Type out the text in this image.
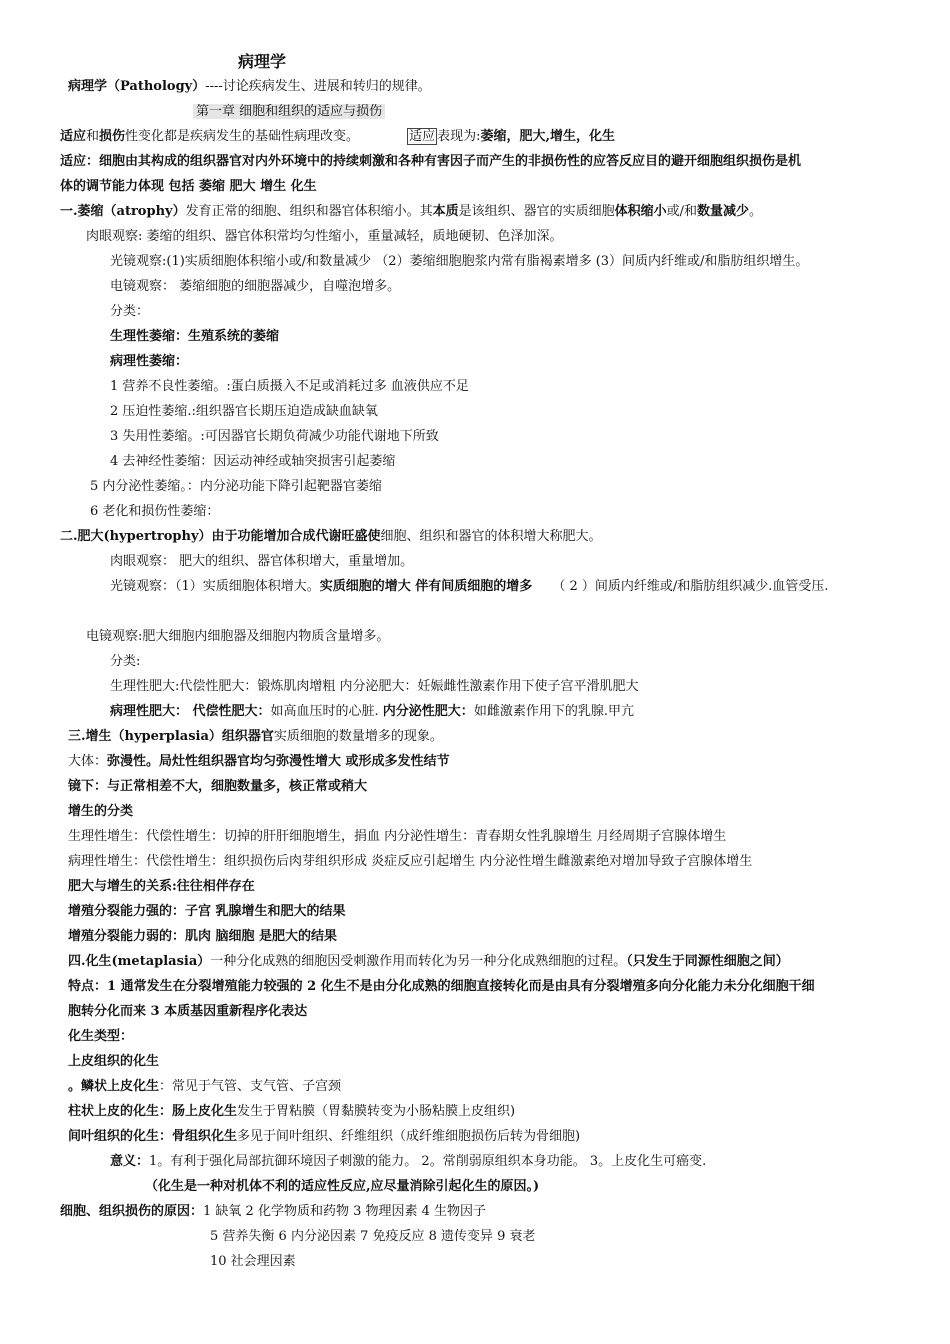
病理学
病理学（Pathology）----讨论疾病发生、进展和转归的规律。
第一章 细胞和组织的适应与损伤
适应和损伤性变化都是疾病发生的基础性病理改变。	适应 表现为:萎缩，肥大,增生，化生
适应：细胞由其构成的组织器官对内外环境中的持续刺激和各种有害因子而产生的非损伤性的应答反应目的避开细胞组织损伤是机
体的调节能力体现 包括 萎缩 肥大 增生 化生
一.萎缩（atrophy）发育正常的细胞、组织和器官体积缩小。其本质是该组织、器官的实质细胞体积缩小或/和数量减少。
肉眼观察: 萎缩的组织、器官体积常均匀性缩小，重量减轻，质地硬韧、色泽加深。
光镜观察:(1)实质细胞体积缩小或/和数量减少 （2）萎缩细胞胞浆内常有脂褐素增多 (3）间质内纤维或/和脂肪组织增生。
电镜观察： 萎缩细胞的细胞器减少，自噬泡增多。
分类：
生理性萎缩：生殖系统的萎缩
病理性萎缩：
1 营养不良性萎缩。:蛋白质摄入不足或消耗过多 血液供应不足
2 压迫性萎缩.:组织器官长期压迫造成缺血缺氧
3 失用性萎缩。:可因器官长期负荷减少功能代谢地下所致
4 去神经性萎缩：因运动神经或轴突损害引起萎缩
5 内分泌性萎缩。：内分泌功能下降引起靶器官萎缩
6 老化和损伤性萎缩：
二.肥大(hypertrophy）由于功能增加合成代谢旺盛使细胞、组织和器官的体积增大称肥大。
肉眼观察： 肥大的组织、器官体积增大，重量增加。
光镜观察：（1）实质细胞体积增大。实质细胞的增大 伴有间质细胞的增多 （ 2 ）间质内纤维或/和脂肪组织减少.血管受压.
电镜观察:肥大细胞内细胞器及细胞内物质含量增多。
分类:
生理性肥大:代偿性肥大：锻炼肌肉增粗 内分泌肥大：妊娠雌性激素作用下使子宫平滑肌肥大
病理性肥大： 代偿性肥大：如高血压时的心脏. 内分泌性肥大：如雌激素作用下的乳腺.甲亢
三.增生（hyperplasia）组织器官实质细胞的数量增多的现象。
大体：弥漫性。局灶性组织器官均匀弥漫性增大 或形成多发性结节
镜下：与正常相差不大，细胞数量多，核正常或稍大
增生的分类
生理性增生：代偿性增生：切掉的肝肝细胞增生，捐血 内分泌性增生：青春期女性乳腺增生 月经周期子宫腺体增生
病理性增生：代偿性增生：组织损伤后肉芽组织形成 炎症反应引起增生 内分泌性增生雌激素绝对增加导致子宫腺体增生
肥大与增生的关系:往往相伴存在
增殖分裂能力强的：子宫 乳腺增生和肥大的结果
增殖分裂能力弱的：肌肉 脑细胞 是肥大的结果
四.化生(metaplasia）一种分化成熟的细胞因受刺激作用而转化为另一种分化成熟细胞的过程。（只发生于同源性细胞之间）
特点：1 通常发生在分裂增殖能力较强的 2 化生不是由分化成熟的细胞直接转化而是由具有分裂增殖多向分化能力未分化细胞干细
胞转分化而来 3 本质基因重新程序化表达
化生类型：
上皮组织的化生
。鳞状上皮化生：常见于气管、支气管、子宫颈
柱状上皮的化生：肠上皮化生发生于胃粘膜（胃黏膜转变为小肠粘膜上皮组织)
间叶组织的化生：骨组织化生多见于间叶组织、纤维组织（成纤维细胞损伤后转为骨细胞)
意义：1。有利于强化局部抗御环境因子刺激的能力。 2。常削弱原组织本身功能。 3。上皮化生可癌变.
（化生是一种对机体不利的适应性反应,应尽量消除引起化生的原因。)
细胞、组织损伤的原因：1 缺氧 2 化学物质和药物 3 物理因素 4 生物因子
5 营养失衡 6 内分泌因素 7 免疫反应 8 遗传变异 9 衰老
10 社会理因素
